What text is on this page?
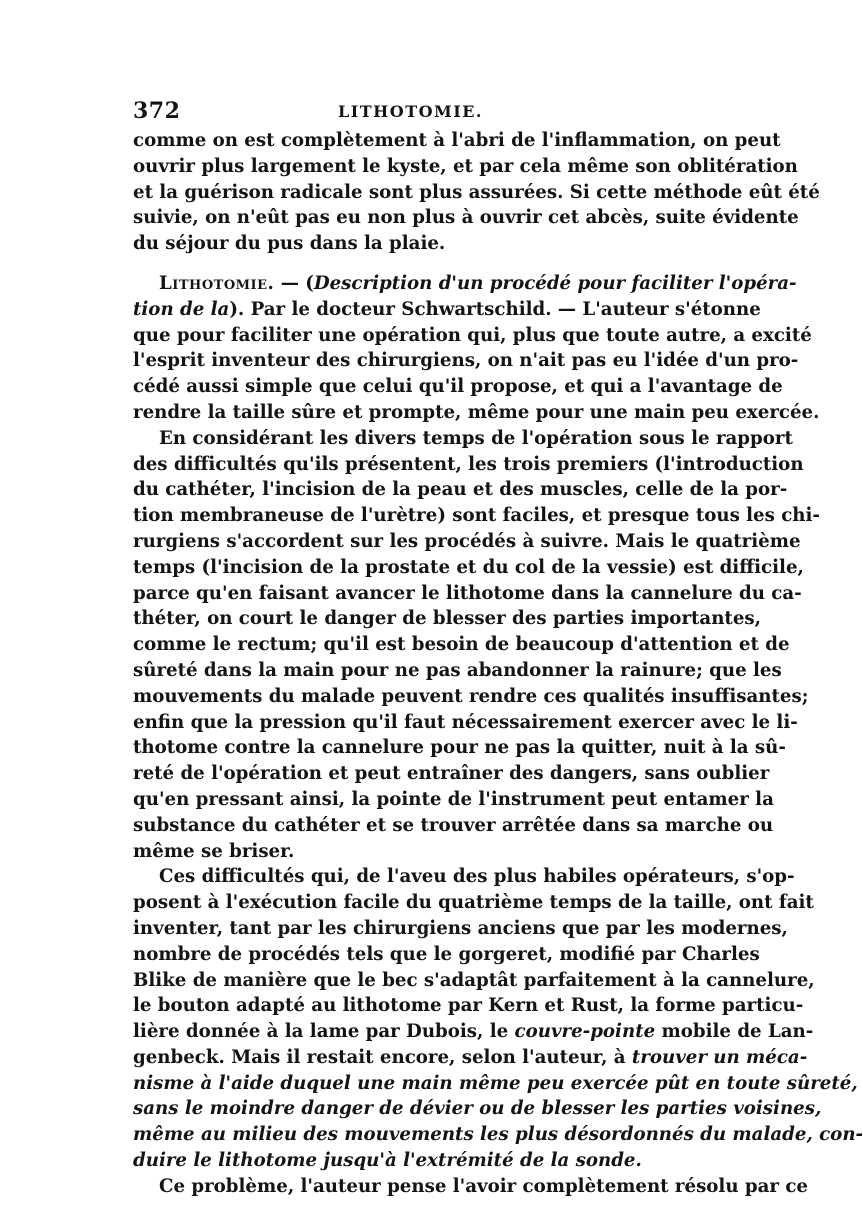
372	LITHOTOMIE.
comme on est complètement à l'abri de l'inflammation, on peut
ouvrir plus largement le kyste, et par cela même son oblitération
et la guérison radicale sont plus assurées. Si cette méthode eût été
suivie, on n'eût pas eu non plus à ouvrir cet abcès, suite évidente
du séjour du pus dans la plaie.
Lithotomie. — (Description d'un procédé pour faciliter l'opéra-
tion de la). Par le docteur Schwartschild. — L'auteur s'étonne
que pour faciliter une opération qui, plus que toute autre, a excité
l'esprit inventeur des chirurgiens, on n'ait pas eu l'idée d'un pro-
cédé aussi simple que celui qu'il propose, et qui a l'avantage de
rendre la taille sûre et prompte, même pour une main peu exercée.
En considérant les divers temps de l'opération sous le rapport
des difficultés qu'ils présentent, les trois premiers (l'introduction
du cathéter, l'incision de la peau et des muscles, celle de la por-
tion membraneuse de l'urètre) sont faciles, et presque tous les chi-
rurgiens s'accordent sur les procédés à suivre. Mais le quatrième
temps (l'incision de la prostate et du col de la vessie) est difficile,
parce qu'en faisant avancer le lithotome dans la cannelure du ca-
théter, on court le danger de blesser des parties importantes,
comme le rectum; qu'il est besoin de beaucoup d'attention et de
sûreté dans la main pour ne pas abandonner la rainure; que les
mouvements du malade peuvent rendre ces qualités insuffisantes;
enfin que la pression qu'il faut nécessairement exercer avec le li-
thotome contre la cannelure pour ne pas la quitter, nuit à la sû-
reté de l'opération et peut entraîner des dangers, sans oublier
qu'en pressant ainsi, la pointe de l'instrument peut entamer la
substance du cathéter et se trouver arrêtée dans sa marche ou
même se briser.
Ces difficultés qui, de l'aveu des plus habiles opérateurs, s'op-
posent à l'exécution facile du quatrième temps de la taille, ont fait
inventer, tant par les chirurgiens anciens que par les modernes,
nombre de procédés tels que le gorgeret, modifié par Charles
Blike de manière que le bec s'adaptât parfaitement à la cannelure,
le bouton adapté au lithotome par Kern et Rust, la forme particu-
lière donnée à la lame par Dubois, le couvre-pointe mobile de Lan-
genbeck. Mais il restait encore, selon l'auteur, à trouver un méca-
nisme à l'aide duquel une main même peu exercée pût en toute sûreté,
sans le moindre danger de dévier ou de blesser les parties voisines,
même au milieu des mouvements les plus désordonnés du malade, con-
duire le lithotome jusqu'à l'extrémité de la sonde.
Ce problème, l'auteur pense l'avoir complètement résolu par ce
